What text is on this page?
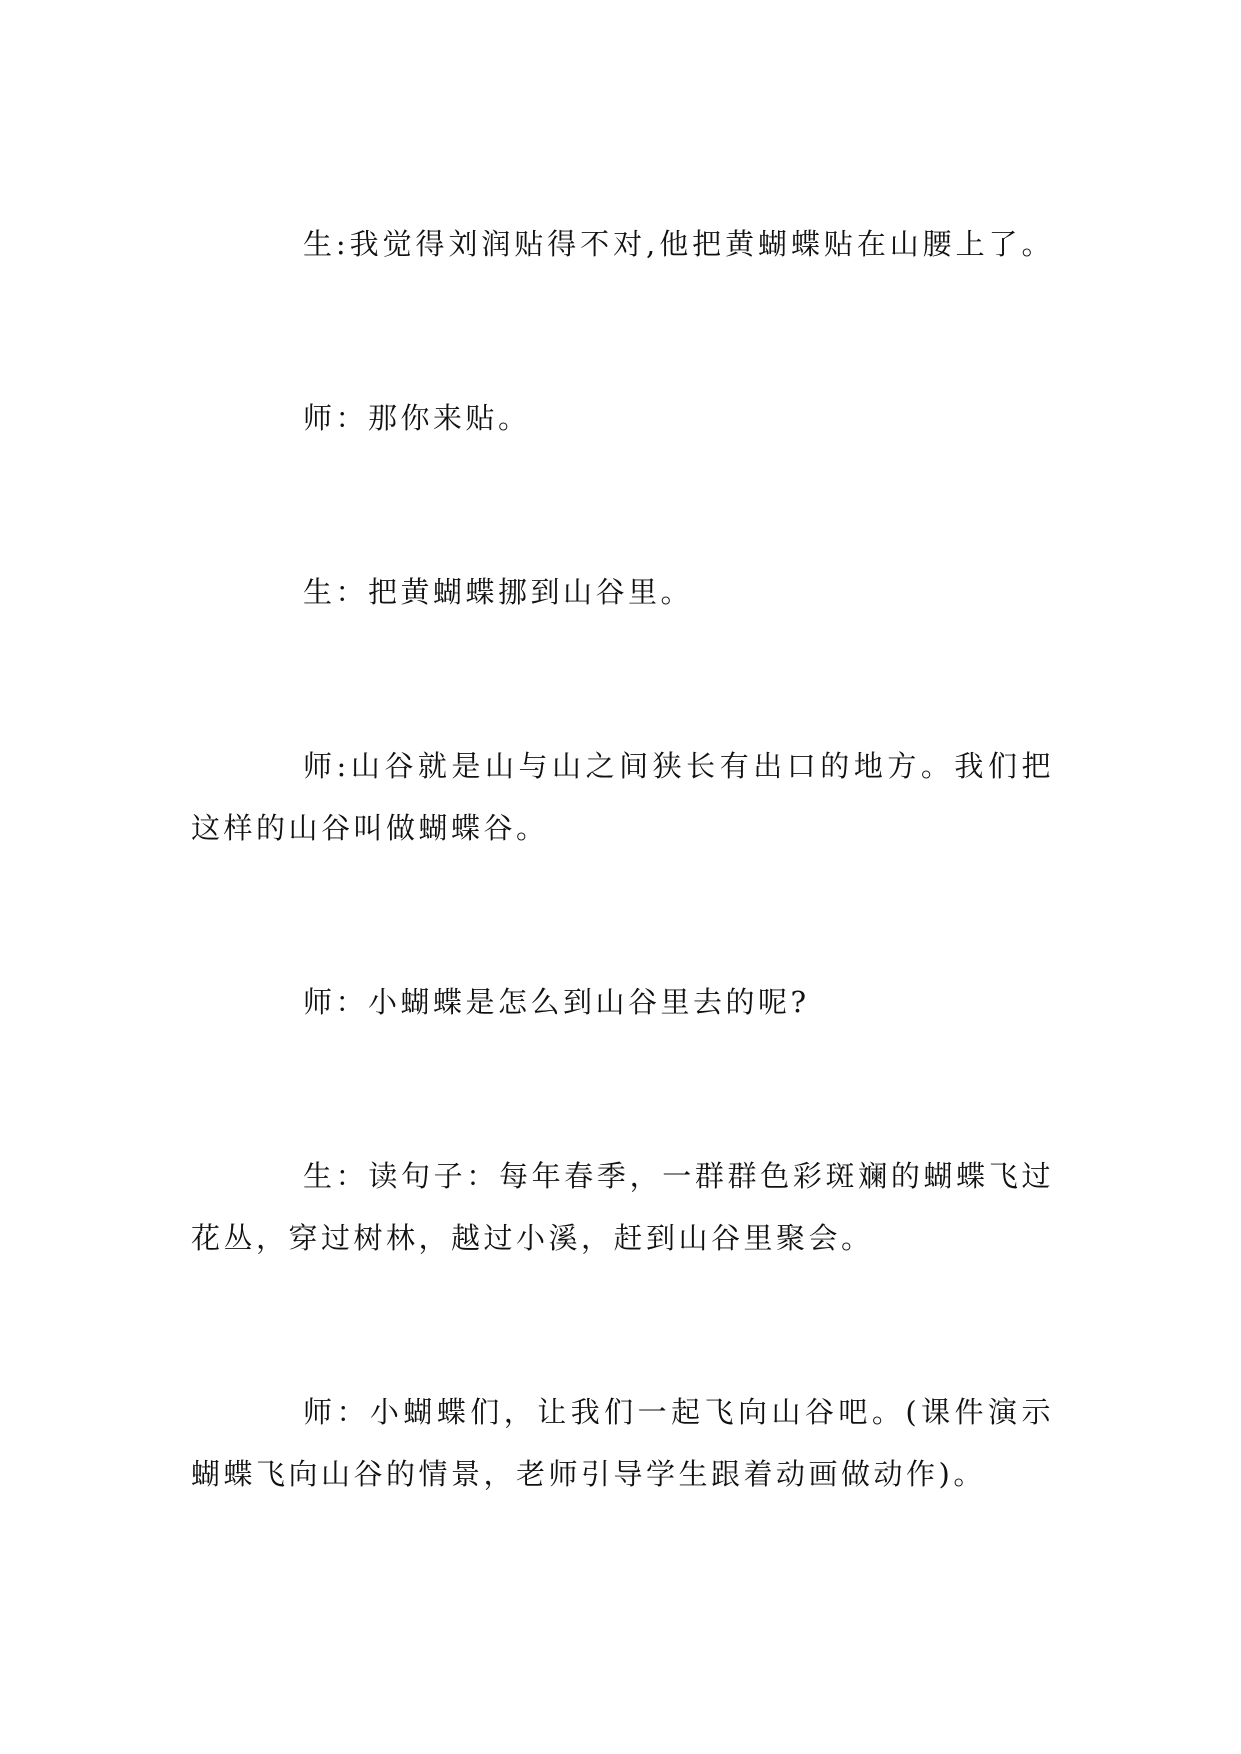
生:我觉得刘润贴得不对,他把黄蝴蝶贴在山腰上了。
师：那你来贴。
生：把黄蝴蝶挪到山谷里。
师:山谷就是山与山之间狭长有出口的地方。我们把
这样的山谷叫做蝴蝶谷。
师：小蝴蝶是怎么到山谷里去的呢?
生：读句子：每年春季，一群群色彩斑斓的蝴蝶飞过
花丛，穿过树林，越过小溪，赶到山谷里聚会。
师：小蝴蝶们，让我们一起飞向山谷吧。(课件演示
蝴蝶飞向山谷的情景，老师引导学生跟着动画做动作)。
